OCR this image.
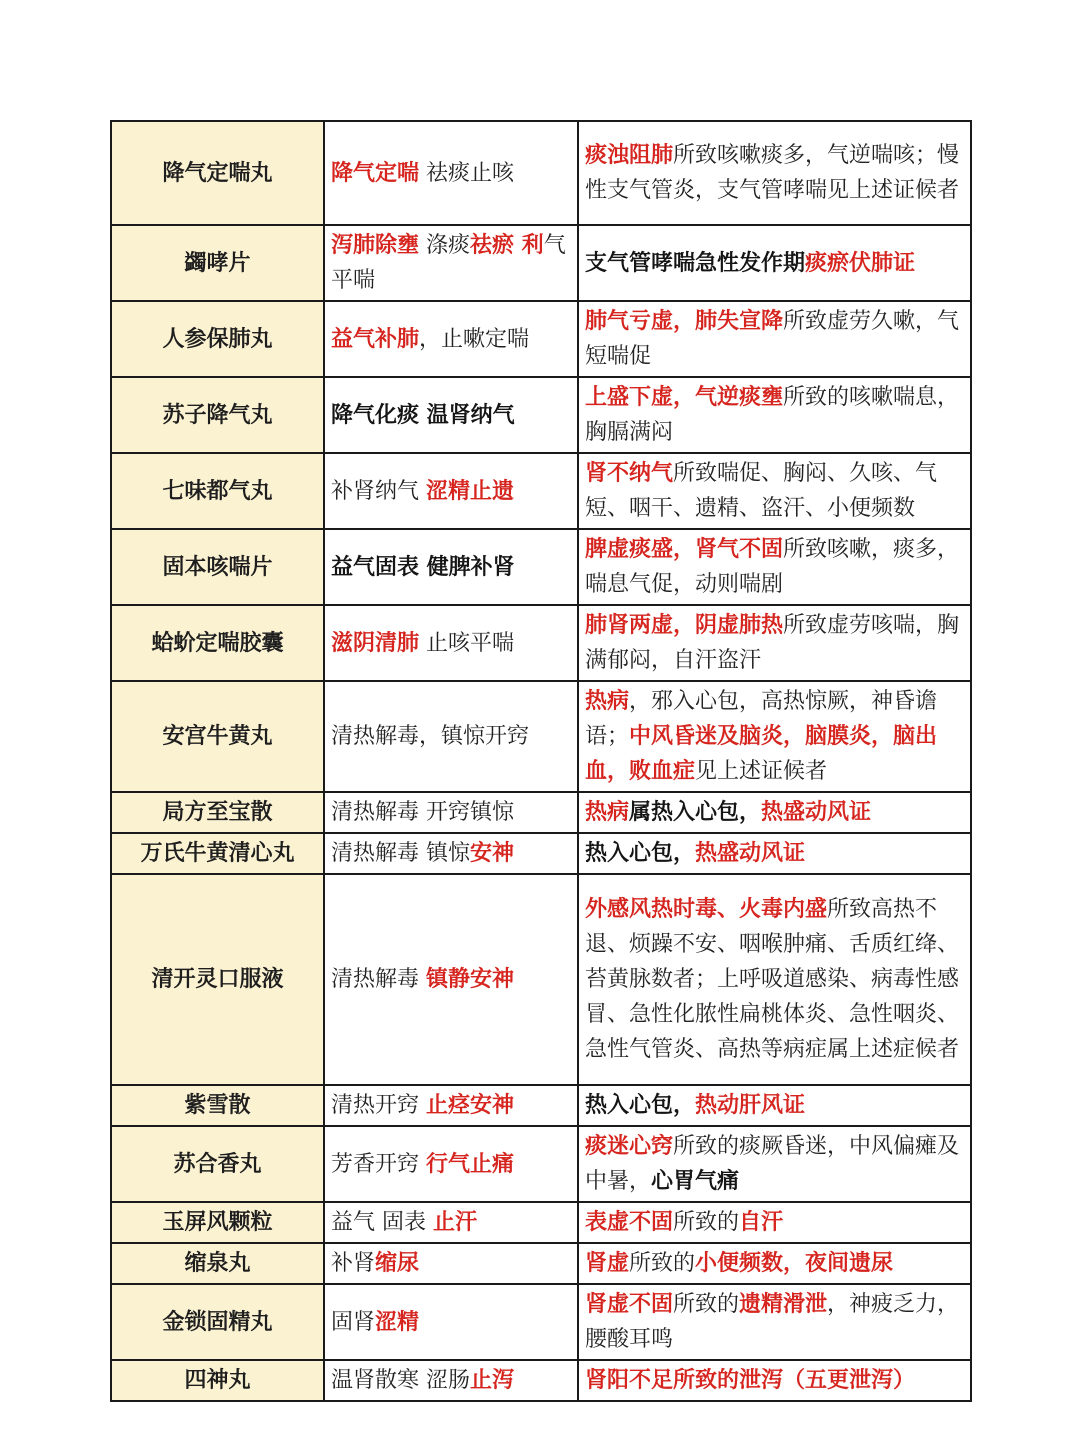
降气定喘丸	降气定喘 祛痰止咳	痰浊阻肺所致咳嗽痰多，气逆喘咳；慢性支气管炎，支气管哮喘见上述证候者
蠲哮片	泻肺除壅 涤痰祛瘀 利气平喘	支气管哮喘急性发作期痰瘀伏肺证
人参保肺丸	益气补肺，止嗽定喘	肺气亏虚，肺失宣降所致虚劳久嗽，气短喘促
苏子降气丸	降气化痰 温肾纳气	上盛下虚，气逆痰壅所致的咳嗽喘息，胸膈满闷
七味都气丸	补肾纳气 涩精止遗	肾不纳气所致喘促、胸闷、久咳、气短、咽干、遗精、盗汗、小便频数
固本咳喘片	益气固表 健脾补肾	脾虚痰盛，肾气不固所致咳嗽，痰多，喘息气促，动则喘剧
蛤蚧定喘胶囊	滋阴清肺 止咳平喘	肺肾两虚，阴虚肺热所致虚劳咳喘，胸满郁闷，自汗盗汗
安宫牛黄丸	清热解毒，镇惊开窍	热病，邪入心包，高热惊厥，神昏谵语；中风昏迷及脑炎，脑膜炎，脑出血，败血症见上述证候者
局方至宝散	清热解毒 开窍镇惊	热病属热入心包，热盛动风证
万氏牛黄清心丸	清热解毒 镇惊安神	热入心包，热盛动风证
清开灵口服液	清热解毒 镇静安神	外感风热时毒、火毒内盛所致高热不退、烦躁不安、咽喉肿痛、舌质红绛、苔黄脉数者；上呼吸道感染、病毒性感冒、急性化脓性扁桃体炎、急性咽炎、急性气管炎、高热等病症属上述症候者
紫雪散	清热开窍 止痉安神	热入心包，热动肝风证
苏合香丸	芳香开窍 行气止痛	痰迷心窍所致的痰厥昏迷，中风偏瘫及中暑，心胃气痛
玉屏风颗粒	益气 固表 止汗	表虚不固所致的自汗
缩泉丸	补肾缩尿	肾虚所致的小便频数，夜间遗尿
金锁固精丸	固肾涩精	肾虚不固所致的遗精滑泄，神疲乏力，腰酸耳鸣
四神丸	温肾散寒 涩肠止泻	肾阳不足所致的泄泻（五更泄泻）
